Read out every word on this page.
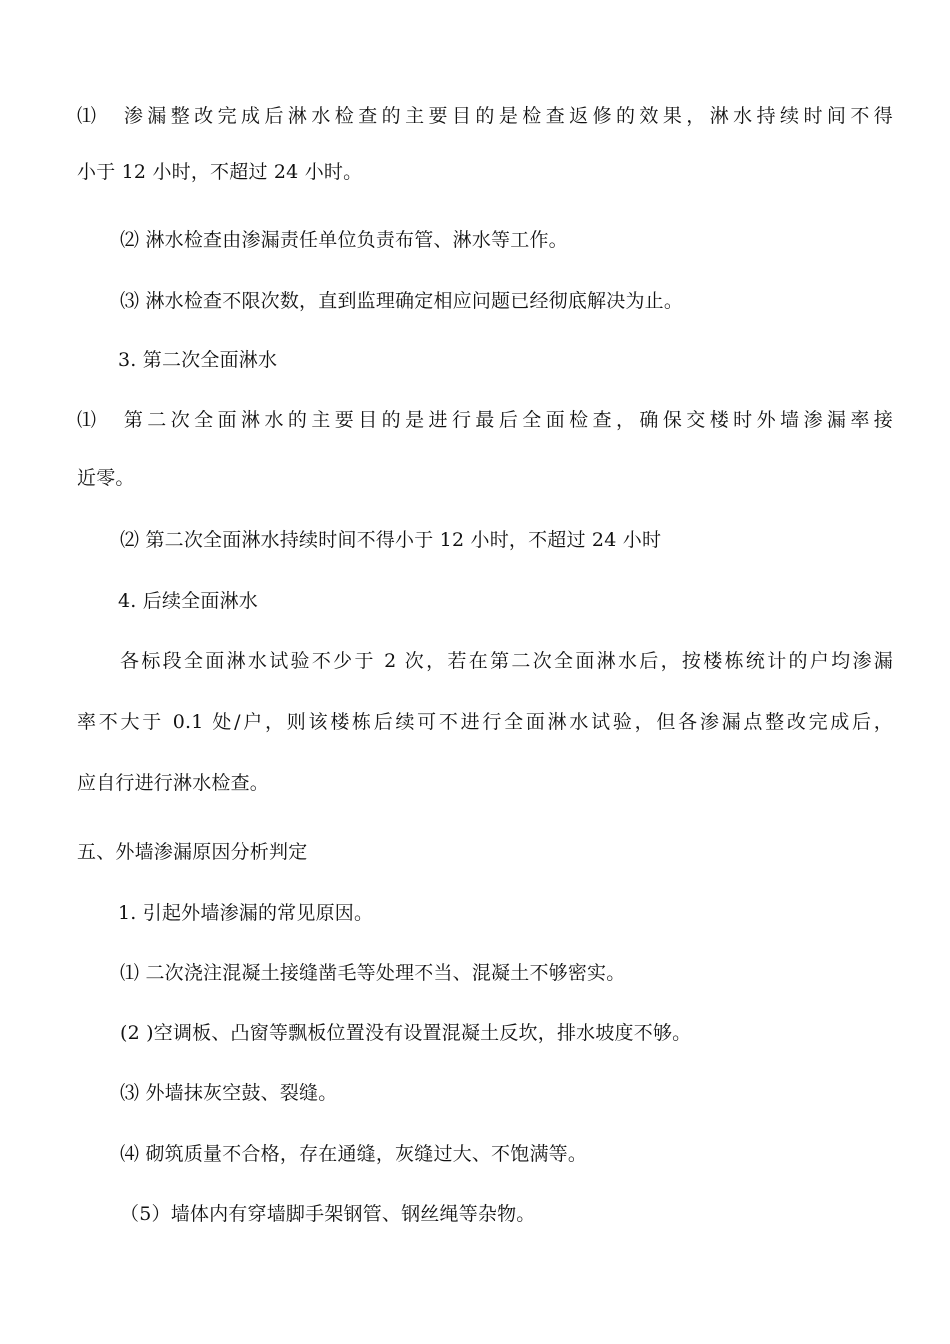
⑴　渗漏整改完成后淋水检查的主要目的是检查返修的效果，淋水持续时间不得
小于 12 小时，不超过 24 小时。
⑵ 淋水检查由渗漏责任单位负责布管、淋水等工作。
⑶ 淋水检查不限次数，直到监理确定相应问题已经彻底解决为止。
3. 第二次全面淋水
⑴　第二次全面淋水的主要目的是进行最后全面检查，确保交楼时外墙渗漏率接
近零。
⑵ 第二次全面淋水持续时间不得小于 12 小时，不超过 24 小时
4. 后续全面淋水
各标段全面淋水试验不少于 2 次，若在第二次全面淋水后，按楼栋统计的户均渗漏
率不大于 0.1 处/户，则该楼栋后续可不进行全面淋水试验，但各渗漏点整改完成后，
应自行进行淋水检查。
五、外墙渗漏原因分析判定
1. 引起外墙渗漏的常见原因。
⑴ 二次浇注混凝土接缝凿毛等处理不当、混凝土不够密实。
(2 )空调板、凸窗等飘板位置没有设置混凝土反坎，排水坡度不够。
⑶ 外墙抹灰空鼓、裂缝。
⑷ 砌筑质量不合格，存在通缝，灰缝过大、不饱满等。
（5）墙体内有穿墙脚手架钢管、钢丝绳等杂物。
